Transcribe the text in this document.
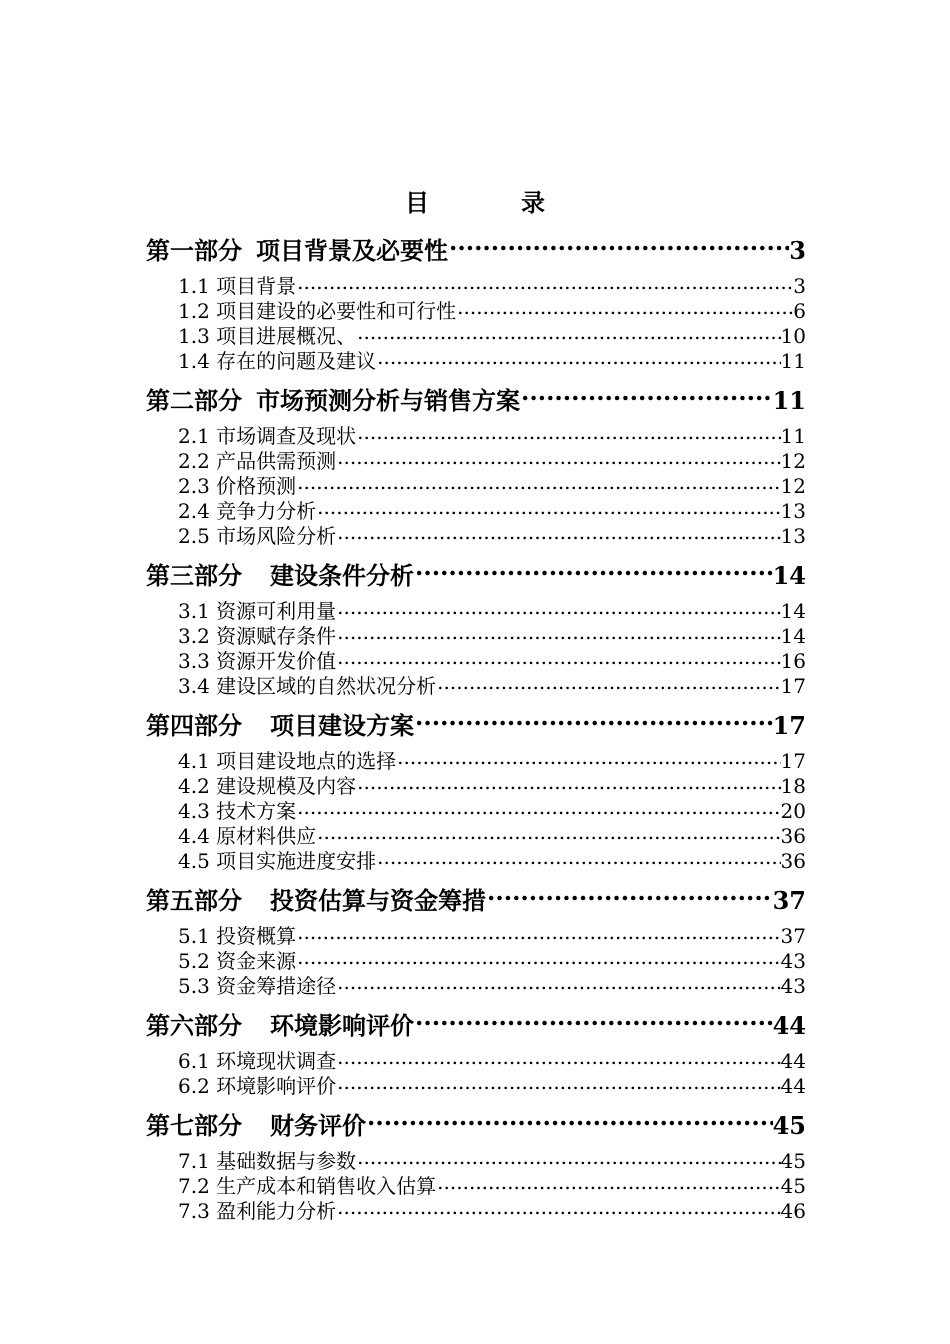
目　录
第一部分 项目背景及必要性 .....	3
1.1 项目背景 .....	3
1.2 项目建设的必要性和可行性 .....	6
1.3 项目进展概况、 .....	10
1.4 存在的问题及建议 .....	11
第二部分 市场预测分析与销售方案 .....	11
2.1 市场调查及现状 .....	11
2.2 产品供需预测 .....	12
2.3 价格预测 .....	12
2.4 竞争力分析 .....	13
2.5 市场风险分析 .....	13
第三部分 建设条件分析 .....	14
3.1 资源可利用量 .....	14
3.2 资源赋存条件 .....	14
3.3 资源开发价值 .....	16
3.4 建设区域的自然状况分析 .....	17
第四部分 项目建设方案 .....	17
4.1 项目建设地点的选择 .....	17
4.2 建设规模及内容 .....	18
4.3 技术方案 .....	20
4.4 原材料供应 .....	36
4.5 项目实施进度安排 .....	36
第五部分 投资估算与资金筹措 .....	37
5.1 投资概算 .....	37
5.2 资金来源 .....	43
5.3 资金筹措途径 .....	43
第六部分 环境影响评价 .....	44
6.1 环境现状调查 .....	44
6.2 环境影响评价 .....	44
第七部分 财务评价 .....	45
7.1 基础数据与参数 .....	45
7.2 生产成本和销售收入估算 .....	45
7.3 盈利能力分析 .....	46
